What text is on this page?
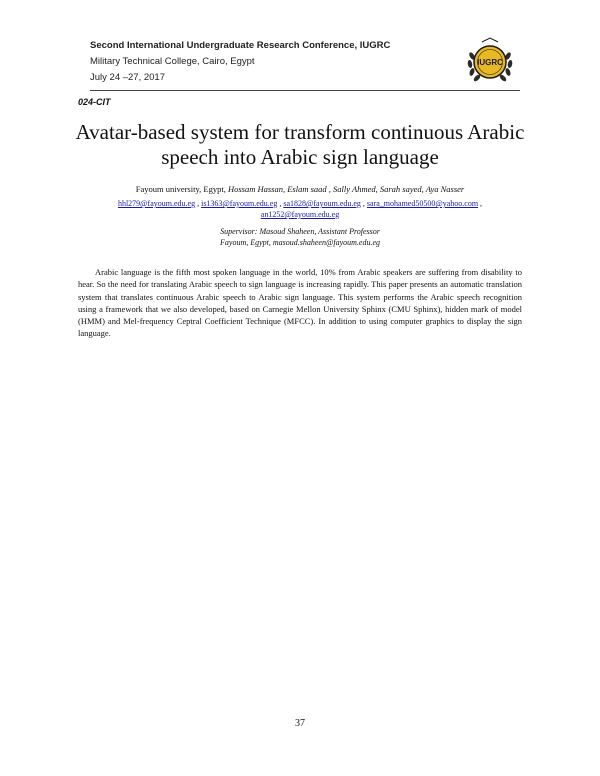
Second International Undergraduate Research Conference, IUGRC
Military Technical College, Cairo, Egypt
July 24 –27, 2017
IUGRC
024-CIT
Avatar-based system for transform continuous Arabic
speech into Arabic sign language
Fayoum university, Egypt, Hossam Hassan, Eslam saad , Sally Ahmed, Sarah sayed, Aya Nasser
hhl279@fayoum.edu.eg , is1363@fayoum.edu.eg , sa1828@fayoum.edu.eg , sara_mohamed50500@yahoo.com ,
an1252@fayoum.edu.eg
Supervisor: Masoud Shaheen, Assistant Professor
Fayoum, Egypt, masoud.shaheen@fayoum.edu.eg
Arabic language is the fifth most spoken language in the world, 10% from Arabic speakers are suffering from disability to hear. So the need for translating Arabic speech to sign language is increasing rapidly. This paper presents an automatic translation system that translates continuous Arabic speech to Arabic sign language. This system performs the Arabic speech recognition using a framework that we also developed, based on Carnegie Mellon University Sphinx (CMU Sphinx), hidden mark of model (HMM) and Mel-frequency Ceptral Coefficient Technique (MFCC). In addition to using computer graphics to display the sign language.
37
